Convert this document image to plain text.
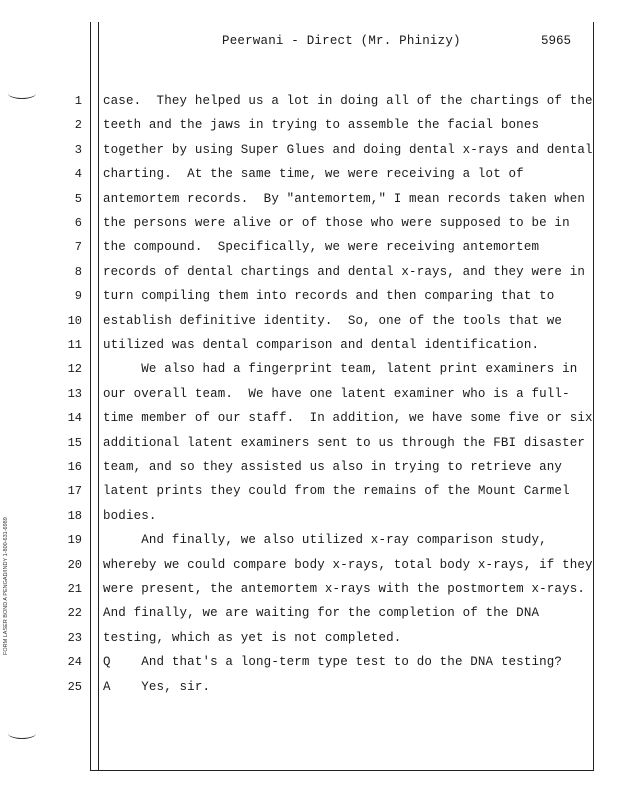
Peerwani - Direct (Mr. Phinizy)	5965
FORM LASER BOND A PENGAD/INDY 1-800-631-6989
1 case.  They helped us a lot in doing all of the chartings of the
2 teeth and the jaws in trying to assemble the facial bones
3 together by using Super Glues and doing dental x-rays and dental
4 charting.  At the same time, we were receiving a lot of
5 antemortem records.  By "antemortem," I mean records taken when
6 the persons were alive or of those who were supposed to be in
7 the compound.  Specifically, we were receiving antemortem
8 records of dental chartings and dental x-rays, and they were in
9 turn compiling them into records and then comparing that to
10 establish definitive identity.  So, one of the tools that we
11 utilized was dental comparison and dental identification.
12 We also had a fingerprint team, latent print examiners in
13 our overall team.  We have one latent examiner who is a full-
14 time member of our staff.  In addition, we have some five or six
15 additional latent examiners sent to us through the FBI disaster
16 team, and so they assisted us also in trying to retrieve any
17 latent prints they could from the remains of the Mount Carmel
18 bodies.
19 And finally, we also utilized x-ray comparison study,
20 whereby we could compare body x-rays, total body x-rays, if they
21 were present, the antemortem x-rays with the postmortem x-rays.
22 And finally, we are waiting for the completion of the DNA
23 testing, which as yet is not completed.
24 Q    And that's a long-term type test to do the DNA testing?
25 A    Yes, sir.
